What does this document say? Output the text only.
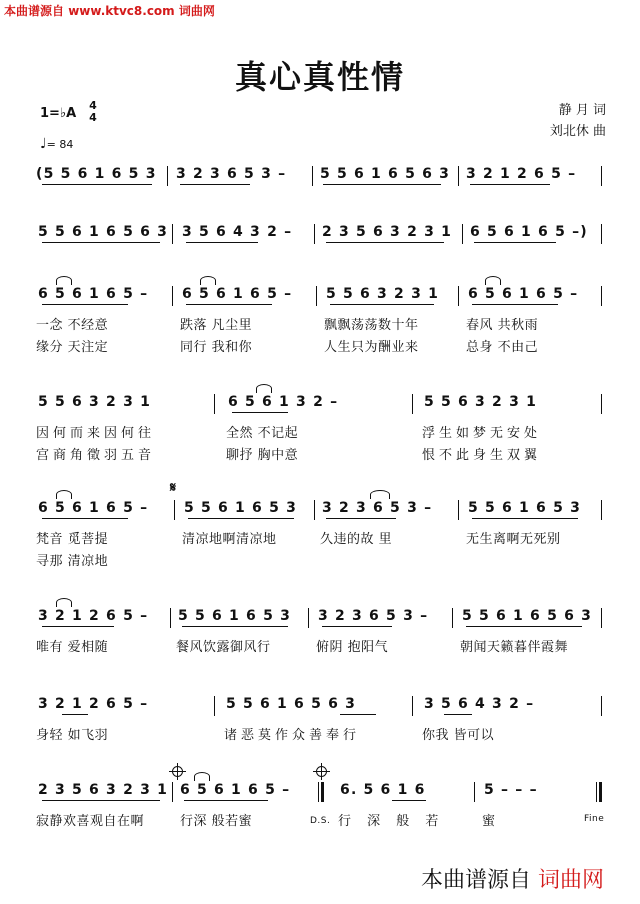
本曲谱源自 www.ktvc8.com 词曲网
真心真性情
1=♭A
4
4
♩= 84
静 月 词
刘北休 曲
(5 5 6 1 6 5 3 3 2 3 6 5 3 – 5 5 6 1 6 5 6 3 3 2 1 2 6 5 –
5 5 6 1 6 5 6 3 3 5 6 4 3 2 – 2 3 5 6 3 2 3 1 6 5 6 1 6 5 –)
6 5 6 1 6 5 – 6 5 6 1 6 5 – 5 5 6 3 2 3 1 6 5 6 1 6 5 –
一念 不经意	跌落 凡尘里	飘飘荡荡数十年	春风 共秋雨
缘分 天注定	同行 我和你	人生只为酬业来	总身 不由己
5 5 6 3 2 3 1	6 5 6 1 3 2 –	5 5 6 3 2 3 1
因何而来因何往	全然 不记起	浮生如梦无安处
宫商角徵羽五音	聊抒 胸中意	恨不此身生双翼
𝄋
6 5 6 1 6 5 –	5 5 6 1 6 5 3 3 2 3 6 5 3 –	5 5 6 1 6 5 3
梵音 觅菩提	清凉地啊清凉地	久违的故 里	无生离啊无死别
寻那 清凉地
3 2 1 2 6 5 – 5 5 6 1 6 5 3 3 2 3 6 5 3 – 5 5 6 1 6 5 6 3
唯有 爱相随	餐风饮露御风行	俯阴 抱阳气	朝闻天籁暮伴霞舞
3 2 1 2 6 5 –	5 5 6 1 6 5 6 3	3 5 6 4 3 2 –
身轻 如飞羽	诸恶莫作众善奉行	你我 皆可以
2 3 5 6 3 2 3 1 6 5 6 1 6 5 –	6. 5 6 1 6	5 – – –
寂静欢喜观自在啊	行深 般若蜜	D.S. 行 深 般 若	蜜	Fine
本曲谱源自 词曲网
